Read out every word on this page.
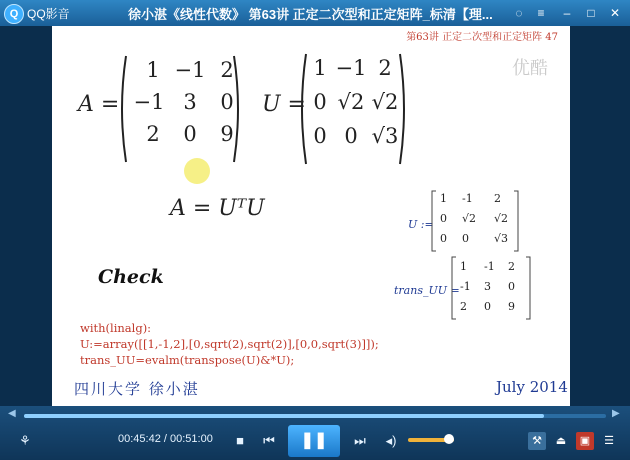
Q QQ影音	徐小湛《线性代数》 第63讲 正定二次型和正定矩阵_标清【理...	◌	≡	–	□	✕
第63讲 正定二次型和正定矩阵 47
优酷
A =
1 −1 2
−1 3	0
2	0	9
U =
1 −1 2
0 √2 √2
0 0 √3
A = UᵀU
U :=
1	-1	2
0	√2	√2
0	0	√3
trans_UU =
1	-1	2
-1	3	0
2	0	9
Check
with(linalg):
U:=array([[1,-1,2],[0,sqrt(2),sqrt(2)],[0,0,sqrt(3)]]);
trans_UU=evalm(transpose(U)&*U);
四川大学 徐小湛	July 2014
◀	▶
⚘	00:45:42 / 00:51:00	■	⏮	❚❚	⏭	◂)	⚒	⏏	▣	☰
